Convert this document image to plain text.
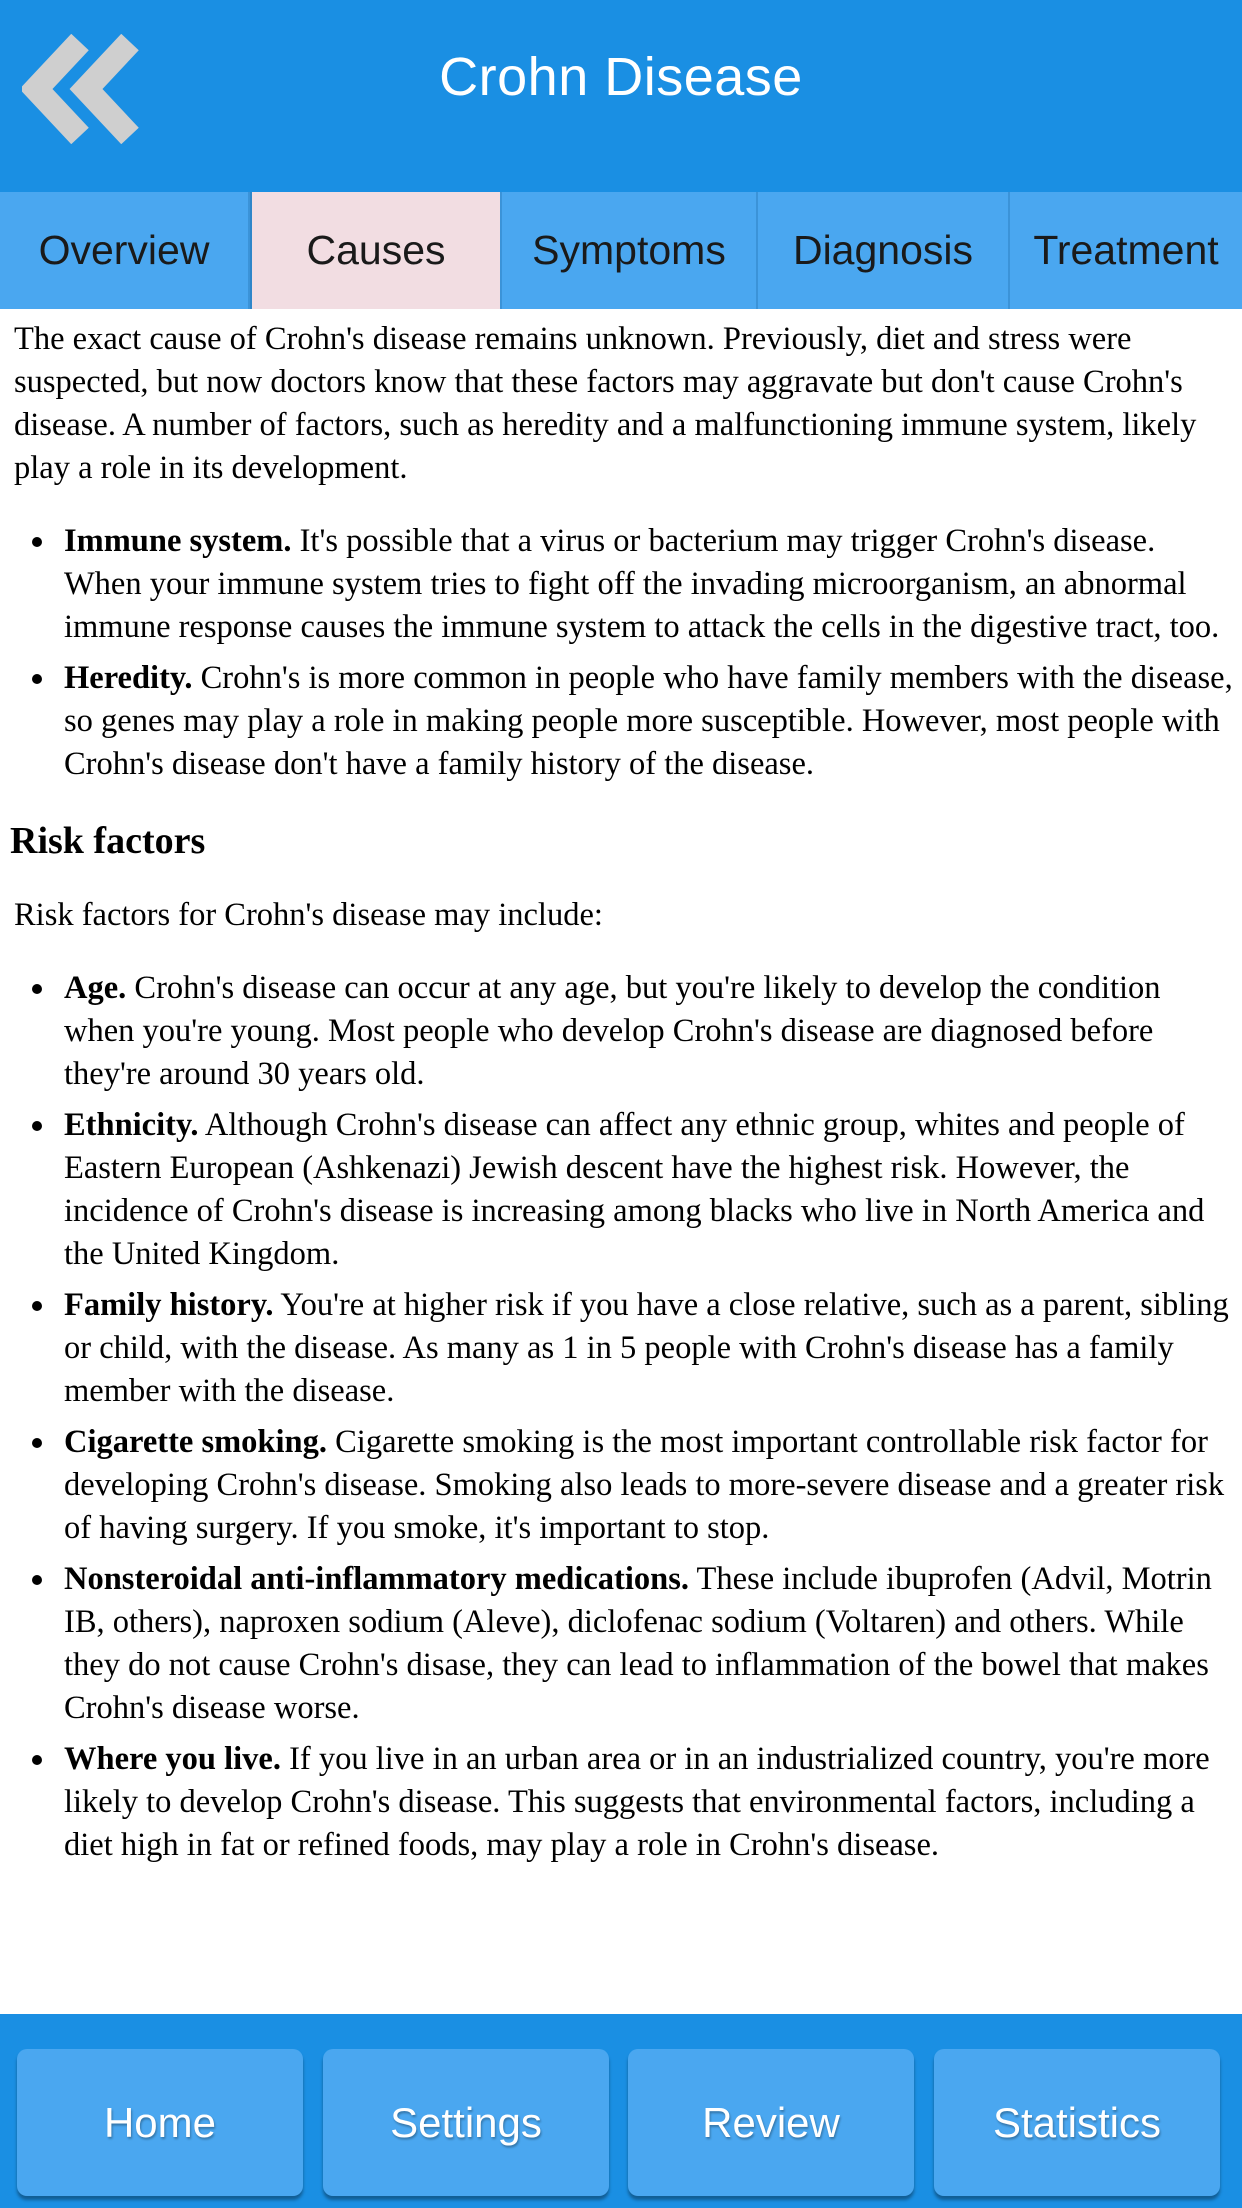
Crohn Disease
Overview	Causes	Symptoms	Diagnosis	Treatment

The exact cause of Crohn's disease remains unknown. Previously, diet and stress were suspected, but now doctors know that these factors may aggravate but don't cause Crohn's disease. A number of factors, such as heredity and a malfunctioning immune system, likely play a role in its development.

Immune system. It's possible that a virus or bacterium may trigger Crohn's disease. When your immune system tries to fight off the invading microorganism, an abnormal immune response causes the immune system to attack the cells in the digestive tract, too.
Heredity. Crohn's is more common in people who have family members with the disease, so genes may play a role in making people more susceptible. However, most people with Crohn's disease don't have a family history of the disease.
Risk factors

Risk factors for Crohn's disease may include:

Age. Crohn's disease can occur at any age, but you're likely to develop the condition when you're young. Most people who develop Crohn's disease are diagnosed before they're around 30 years old.
Ethnicity. Although Crohn's disease can affect any ethnic group, whites and people of Eastern European (Ashkenazi) Jewish descent have the highest risk. However, the incidence of Crohn's disease is increasing among blacks who live in North America and the United Kingdom.
Family history. You're at higher risk if you have a close relative, such as a parent, sibling or child, with the disease. As many as 1 in 5 people with Crohn's disease has a family member with the disease.
Cigarette smoking. Cigarette smoking is the most important controllable risk factor for developing Crohn's disease. Smoking also leads to more-severe disease and a greater risk of having surgery. If you smoke, it's important to stop.
Nonsteroidal anti-inflammatory medications. These include ibuprofen (Advil, Motrin IB, others), naproxen sodium (Aleve), diclofenac sodium (Voltaren) and others. While they do not cause Crohn's disase, they can lead to inflammation of the bowel that makes Crohn's disease worse.
Where you live. If you live in an urban area or in an industrialized country, you're more likely to develop Crohn's disease. This suggests that environmental factors, including a diet high in fat or refined foods, may play a role in Crohn's disease.
Home	Settings	Review	Statistics
